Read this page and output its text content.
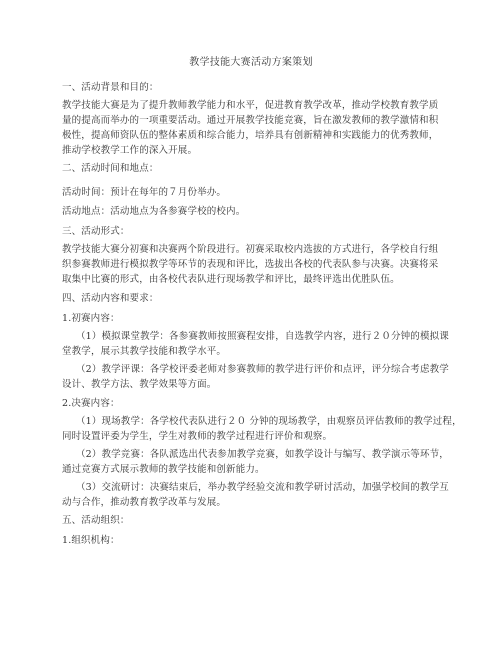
教学技能大赛活动方案策划
一、活动背景和目的：
教学技能大赛是为了提升教师教学能力和水平，促进教育教学改革，推动学校教育教学质
量的提高而举办的一项重要活动。通过开展教学技能竞赛，旨在激发教师的教学激情和积
极性，提高师资队伍的整体素质和综合能力，培养具有创新精神和实践能力的优秀教师，
推动学校教学工作的深入开展。
二、活动时间和地点：
活动时间：预计在每年的７月份举办。
活动地点：活动地点为各参赛学校的校内。
三、活动形式：
教学技能大赛分初赛和决赛两个阶段进行。初赛采取校内选拔的方式进行，各学校自行组
织参赛教师进行模拟教学等环节的表现和评比，选拔出各校的代表队参与决赛。决赛将采
取集中比赛的形式，由各校代表队进行现场教学和评比，最终评选出优胜队伍。
四、活动内容和要求：
1.初赛内容：
（1）模拟课堂教学：各参赛教师按照赛程安排，自选教学内容，进行２０分钟的模拟课
堂教学，展示其教学技能和教学水平。
（2）教学评课：各学校评委老师对参赛教师的教学进行评价和点评，评分综合考虑教学
设计、教学方法、教学效果等方面。
2.决赛内容：
（1）现场教学：各学校代表队进行２０ 分钟的现场教学，由观察员评估教师的教学过程，
同时设置评委为学生，学生对教师的教学过程进行评价和观察。
（2）教学竞赛：各队派选出代表参加教学竞赛，如教学设计与编写、教学演示等环节，
通过竞赛方式展示教师的教学技能和创新能力。
（3）交流研讨：决赛结束后，举办教学经验交流和教学研讨活动，加强学校间的教学互
动与合作，推动教育教学改革与发展。
五、活动组织：
1.组织机构：
